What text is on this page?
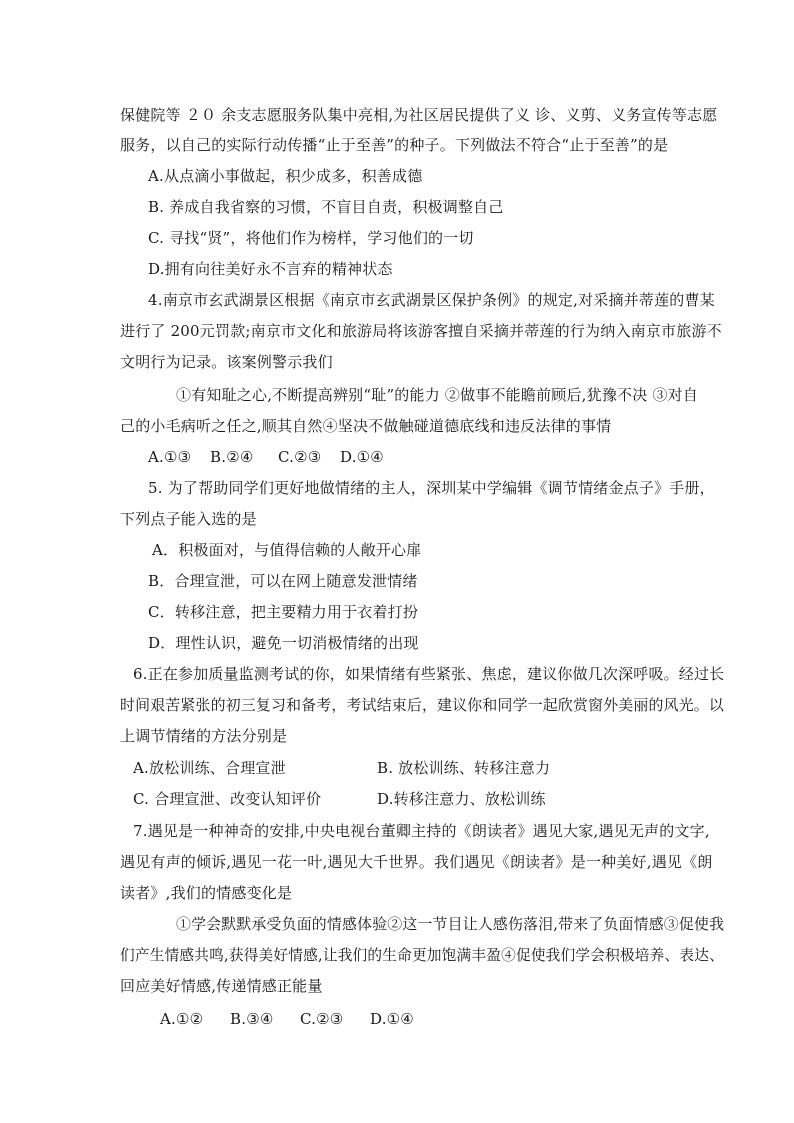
保健院等 ２０ 余支志愿服务队集中亮相,为社区居民提供了义 诊、义剪、义务宣传等志愿
服务，以自己的实际行动传播“止于至善”的种子。下列做法不符合“止于至善”的是
A.从点滴小事做起，积少成多，积善成德
B. 养成自我省察的习惯，不盲目自责，积极调整自己
C. 寻找“贤”，将他们作为榜样，学习他们的一切
D.拥有向往美好永不言弃的精神状态
4.南京市玄武湖景区根据《南京市玄武湖景区保护条例》的规定,对采摘并蒂莲的曹某
进行了 200元罚款;南京市文化和旅游局将该游客擅自采摘并蒂莲的行为纳入南京市旅游不
文明行为记录。该案例警示我们
①有知耻之心,不断提高辨别“耻”的能力 ②做事不能瞻前顾后,犹豫不决 ③对自
己的小毛病听之任之,顺其自然④坚决不做触碰道德底线和违反法律的事情
A.①③ B.②④ C.②③ D.①④
5. 为了帮助同学们更好地做情绪的主人，深圳某中学编辑《调节情绪金点子》手册，
下列点子能入选的是
A．积极面对，与值得信赖的人敞开心扉
B．合理宣泄，可以在网上随意发泄情绪
C．转移注意，把主要精力用于衣着打扮
D．理性认识，避免一切消极情绪的出现
6.正在参加质量监测考试的你，如果情绪有些紧张、焦虑，建议你做几次深呼吸。经过长
时间艰苦紧张的初三复习和备考，考试结束后，建议你和同学一起欣赏窗外美丽的风光。以
上调节情绪的方法分别是
A.放松训练、合理宣泄	B. 放松训练、转移注意力
C. 合理宣泄、改变认知评价	D.转移注意力、放松训练
7.遇见是一种神奇的安排,中央电视台董卿主持的《朗读者》遇见大家,遇见无声的文字,
遇见有声的倾诉,遇见一花一叶,遇见大千世界。我们遇见《朗读者》是一种美好,遇见《朗
读者》,我们的情感变化是
①学会默默承受负面的情感体验②这一节目让人感伤落泪,带来了负面情感③促使我
们产生情感共鸣,获得美好情感,让我们的生命更加饱满丰盈④促使我们学会积极培养、表达、
回应美好情感,传递情感正能量
A.①② B.③④ C.②③ D.①④
